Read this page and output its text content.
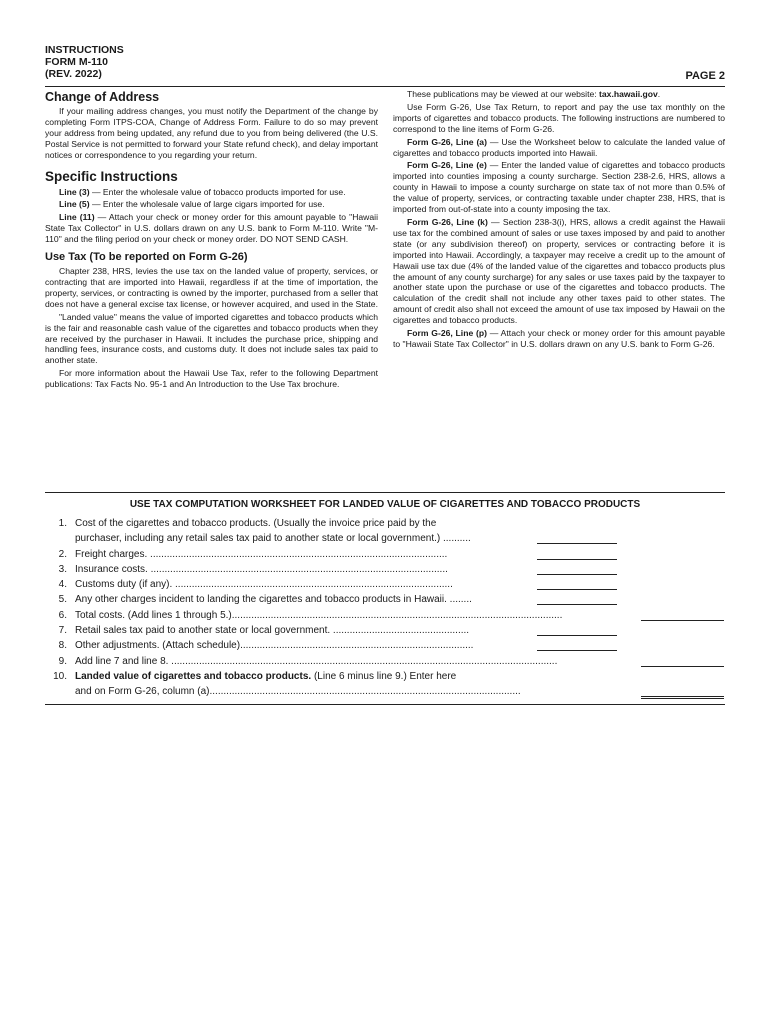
INSTRUCTIONS
FORM M-110
(REV. 2022)	PAGE 2
Change of Address

If your mailing address changes, you must notify the Department of the change by completing Form ITPS-COA, Change of Address Form. Failure to do so may prevent your address from being updated, any refund due to you from being delivered (the U.S. Postal Service is not permitted to forward your State refund check), and delay important notices or correspondence to you regarding your return.

Specific Instructions

Line (3) — Enter the wholesale value of tobacco products imported for use.

Line (5) — Enter the wholesale value of large cigars imported for use.

Line (11) — Attach your check or money order for this amount payable to "Hawaii State Tax Collector" in U.S. dollars drawn on any U.S. bank to Form M-110. Write "M-110" and the filing period on your check or money order. DO NOT SEND CASH.

Use Tax (To be reported on Form G-26)

Chapter 238, HRS, levies the use tax on the landed value of property, services, or contracting that are imported into Hawaii, regardless if at the time of importation, the property, services, or contracting is owned by the importer, purchased from a seller that does not have a general excise tax license, or however acquired, and used in the State.

"Landed value" means the value of imported cigarettes and tobacco products which is the fair and reasonable cash value of the cigarettes and tobacco products when they are received by the purchaser in Hawaii. It includes the purchase price, shipping and handling fees, insurance costs, and customs duty. It does not include sales tax paid to another state.

For more information about the Hawaii Use Tax, refer to the following Department publications: Tax Facts No. 95-1 and An Introduction to the Use Tax brochure.

These publications may be viewed at our website: tax.hawaii.gov.

Use Form G-26, Use Tax Return, to report and pay the use tax monthly on the imports of cigarettes and tobacco products. The following instructions are numbered to correspond to the line items of Form G-26.

Form G-26, Line (a) — Use the Worksheet below to calculate the landed value of cigarettes and tobacco products imported into Hawaii.

Form G-26, Line (e) — Enter the landed value of cigarettes and tobacco products imported into counties imposing a county surcharge. Section 238-2.6, HRS, allows a county in Hawaii to impose a county surcharge on state tax of not more than 0.5% of the value of property, services, or contracting taxable under chapter 238, HRS, that is imported from out-of-state into a county imposing the tax.

Form G-26, Line (k) — Section 238-3(i), HRS, allows a credit against the Hawaii use tax for the combined amount of sales or use taxes imposed by and paid to another state (or any subdivision thereof) on property, services or contracting before it is imported into Hawaii. Accordingly, a taxpayer may receive a credit up to the amount of Hawaii use tax due (4% of the landed value of the cigarettes and tobacco products plus the amount of any county surcharge) for any sales or use taxes paid by the taxpayer to another state upon the purchase or use of the cigarettes and tobacco products. The calculation of the credit shall not include any other taxes paid to other states. The amount of credit also shall not exceed the amount of use tax imposed by Hawaii on the cigarettes and tobacco products.

Form G-26, Line (p) — Attach your check or money order for this amount payable to "Hawaii State Tax Collector" in U.S. dollars drawn on any U.S. bank to Form G-26.

USE TAX COMPUTATION WORKSHEET FOR LANDED VALUE OF CIGARETTES AND TOBACCO PRODUCTS
1. Cost of the cigarettes and tobacco products. (Usually the invoice price paid by the
purchaser, including any retail sales tax paid to another state or local government.) ..........
2. Freight charges. ...........................................................................................................
3. Insurance costs. ...........................................................................................................
4. Customs duty (if any). ....................................................................................................
5. Any other charges incident to landing the cigarettes and tobacco products in Hawaii. ........
6. Total costs. (Add lines 1 through 5.).......................................................................................................................
7. Retail sales tax paid to another state or local government. .................................................
8. Other adjustments. (Attach schedule)....................................................................................
9. Add line 7 and line 8. ...........................................................................................................................................
10. Landed value of cigarettes and tobacco products. (Line 6 minus line 9.) Enter here
and on Form G-26, column (a)................................................................................................................
